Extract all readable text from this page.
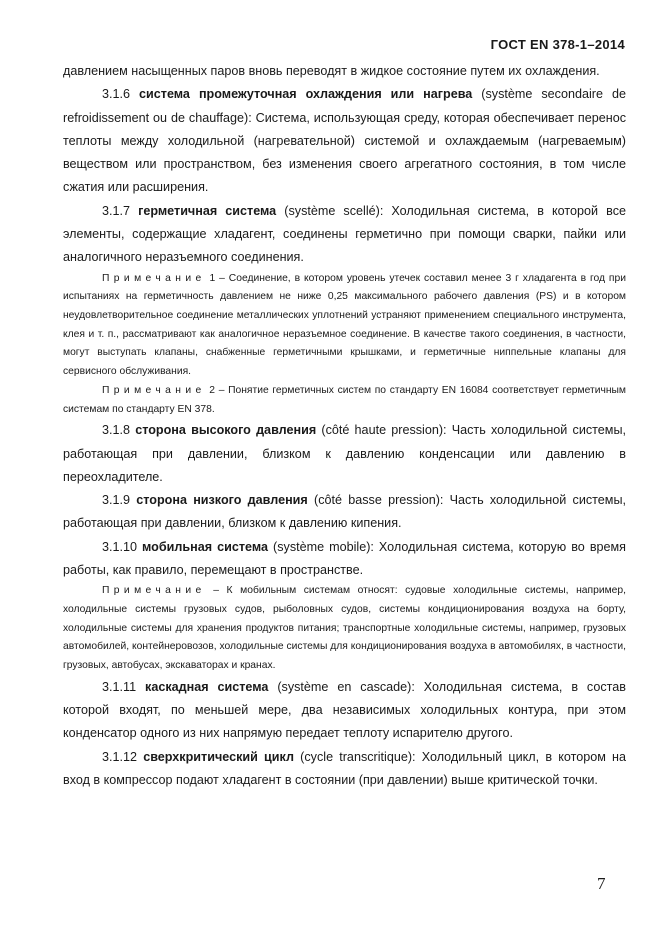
ГОСТ EN 378-1–2014

давлением насыщенных паров вновь переводят в жидкое состояние путем их охлаждения.

3.1.6 система промежуточная охлаждения или нагрева (système secondaire de refroidissement ou de chauffage): Система, использующая среду, которая обеспечивает перенос теплоты между холодильной (нагревательной) системой и охлаждаемым (нагреваемым) веществом или пространством, без изменения своего агрегатного состояния, в том числе сжатия или расширения.

3.1.7 герметичная система (système scellé): Холодильная система, в которой все элементы, содержащие хладагент, соединены герметично при помощи сварки, пайки или аналогичного неразъемного соединения.

Примечание 1 – Соединение, в котором уровень утечек составил менее 3 г хладагента в год при испытаниях на герметичность давлением не ниже 0,25 максимального рабочего давления (PS) и в котором неудовлетворительное соединение металлических уплотнений устраняют применением специального инструмента, клея и т. п., рассматривают как аналогичное неразъемное соединение. В качестве такого соединения, в частности, могут выступать клапаны, снабженные герметичными крышками, и герметичные ниппельные клапаны для сервисного обслуживания.

Примечание 2 – Понятие герметичных систем по стандарту EN 16084 соответствует герметичным системам по стандарту EN 378.

3.1.8 сторона высокого давления (côté haute pression): Часть холодильной системы, работающая при давлении, близком к давлению конденсации или давлению в переохладителе.

3.1.9 сторона низкого давления (côté basse pression): Часть холодильной системы, работающая при давлении, близком к давлению кипения.

3.1.10 мобильная система (système mobile): Холодильная система, которую во время работы, как правило, перемещают в пространстве.

Примечание – К мобильным системам относят: судовые холодильные системы, например, холодильные системы грузовых судов, рыболовных судов, системы кондиционирования воздуха на борту, холодильные системы для хранения продуктов питания; транспортные холодильные системы, например, грузовых автомобилей, контейнеровозов, холодильные системы для кондиционирования воздуха в автомобилях, в частности, грузовых, автобусах, экскаваторах и кранах.

3.1.11 каскадная система (système en cascade): Холодильная система, в состав которой входят, по меньшей мере, два независимых холодильных контура, при этом конденсатор одного из них напрямую передает теплоту испарителю другого.

3.1.12 сверхкритический цикл (cycle transcritique): Холодильный цикл, в котором на вход в компрессор подают хладагент в состоянии (при давлении) выше критической точки.

7
